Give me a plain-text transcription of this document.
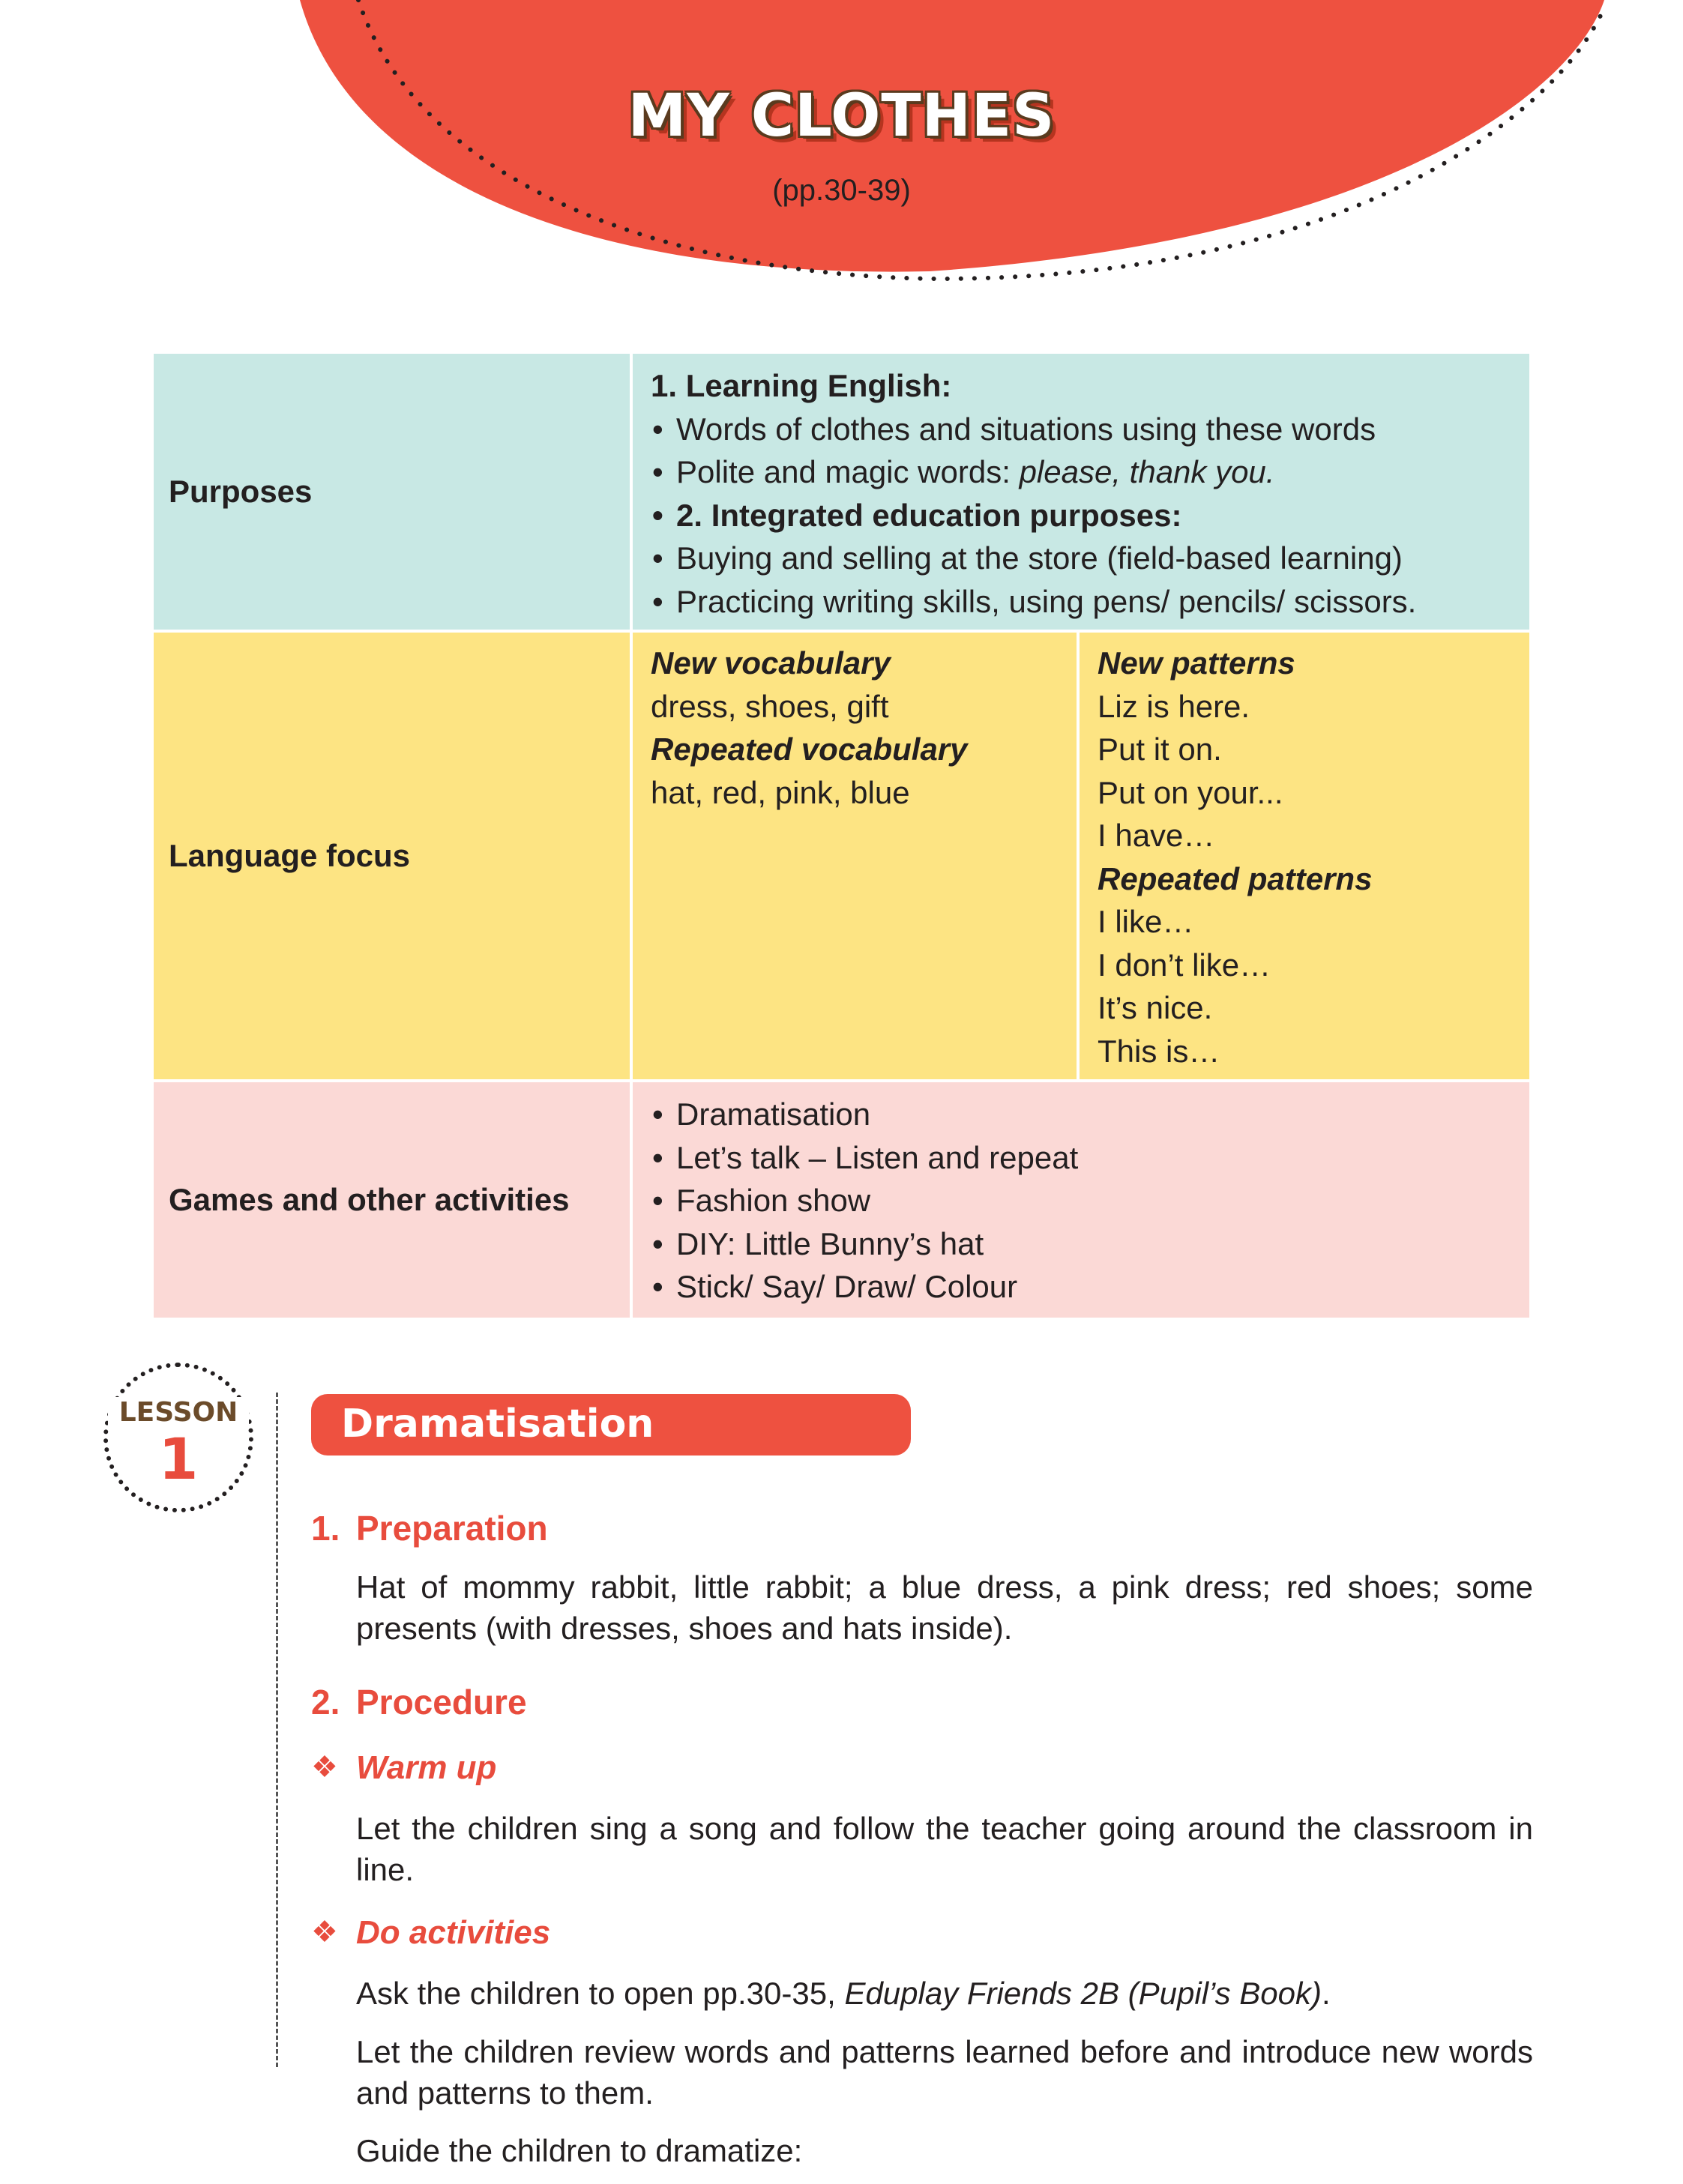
MY CLOTHES
(pp.30-39)
Purposes
1. Learning English:
• Words of clothes and situations using these words
• Polite and magic words: please, thank you.
• 2. Integrated education purposes:
• Buying and selling at the store (field-based learning)
• Practicing writing skills, using pens/ pencils/ scissors.
Language focus
New vocabulary
dress, shoes, gift
Repeated vocabulary
hat, red, pink, blue
New patterns
Liz is here.
Put it on.
Put on your...
I have…
Repeated patterns
I like…
I don’t like…
It’s nice.
This is…
Games and other activities
• Dramatisation
• Let’s talk – Listen and repeat
• Fashion show
• DIY: Little Bunny’s hat
• Stick/ Say/ Draw/ Colour
LESSON
1
Dramatisation
1. Preparation
Hat of mommy rabbit, little rabbit; a blue dress, a pink dress; red shoes; some presents (with dresses, shoes and hats inside).
2. Procedure
❖ Warm up
Let the children sing a song and follow the teacher going around the classroom in line.
❖ Do activities
Ask the children to open pp.30-35, Eduplay Friends 2B (Pupil’s Book).
Let the children review words and patterns learned before and introduce new words and patterns to them.
Guide the children to dramatize:
